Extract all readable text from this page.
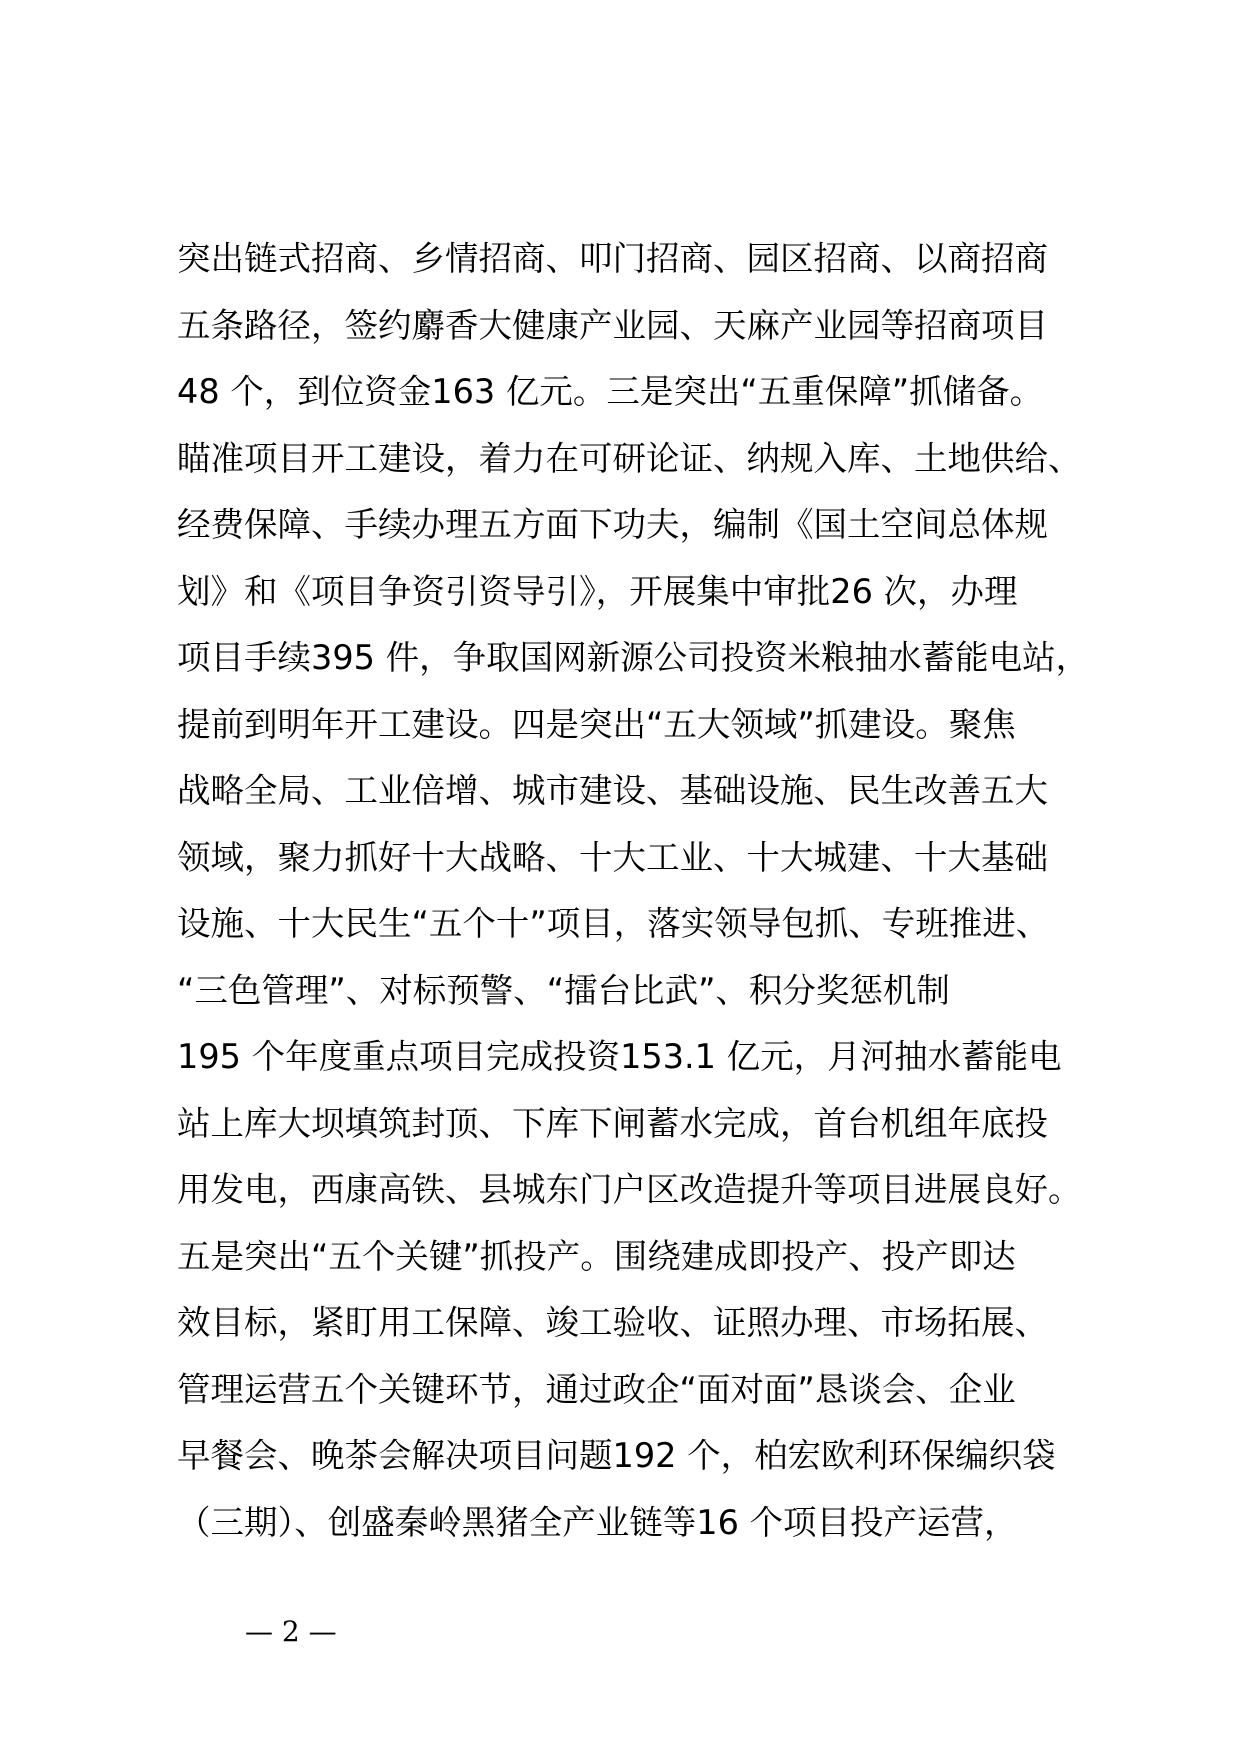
突出链式招商、乡情招商、叩门招商、园区招商、以商招商
五条路径，签约麝香大健康产业园、天麻产业园等招商项目
48 个，到位资金163 亿元。三是突出“五重保障”抓储备。
瞄准项目开工建设，着力在可研论证、纳规入库、土地供给、
经费保障、手续办理五方面下功夫，编制《国土空间总体规
划》和《项目争资引资导引》，开展集中审批26 次，办理
项目手续395 件，争取国网新源公司投资米粮抽水蓄能电站，
提前到明年开工建设。四是突出“五大领域”抓建设。聚焦
战略全局、工业倍增、城市建设、基础设施、民生改善五大
领域，聚力抓好十大战略、十大工业、十大城建、十大基础
设施、十大民生“五个十”项目，落实领导包抓、专班推进、
“三色管理”、对标预警、“擂台比武”、积分奖惩机制
195 个年度重点项目完成投资153.1 亿元，月河抽水蓄能电
站上库大坝填筑封顶、下库下闸蓄水完成，首台机组年底投
用发电，西康高铁、县城东门户区改造提升等项目进展良好。
五是突出“五个关键”抓投产。围绕建成即投产、投产即达
效目标，紧盯用工保障、竣工验收、证照办理、市场拓展、
管理运营五个关键环节，通过政企“面对面”恳谈会、企业
早餐会、晚茶会解决项目问题192 个，柏宏欧利环保编织袋
（三期）、创盛秦岭黑猪全产业链等16 个项目投产运营，
— 2 —
